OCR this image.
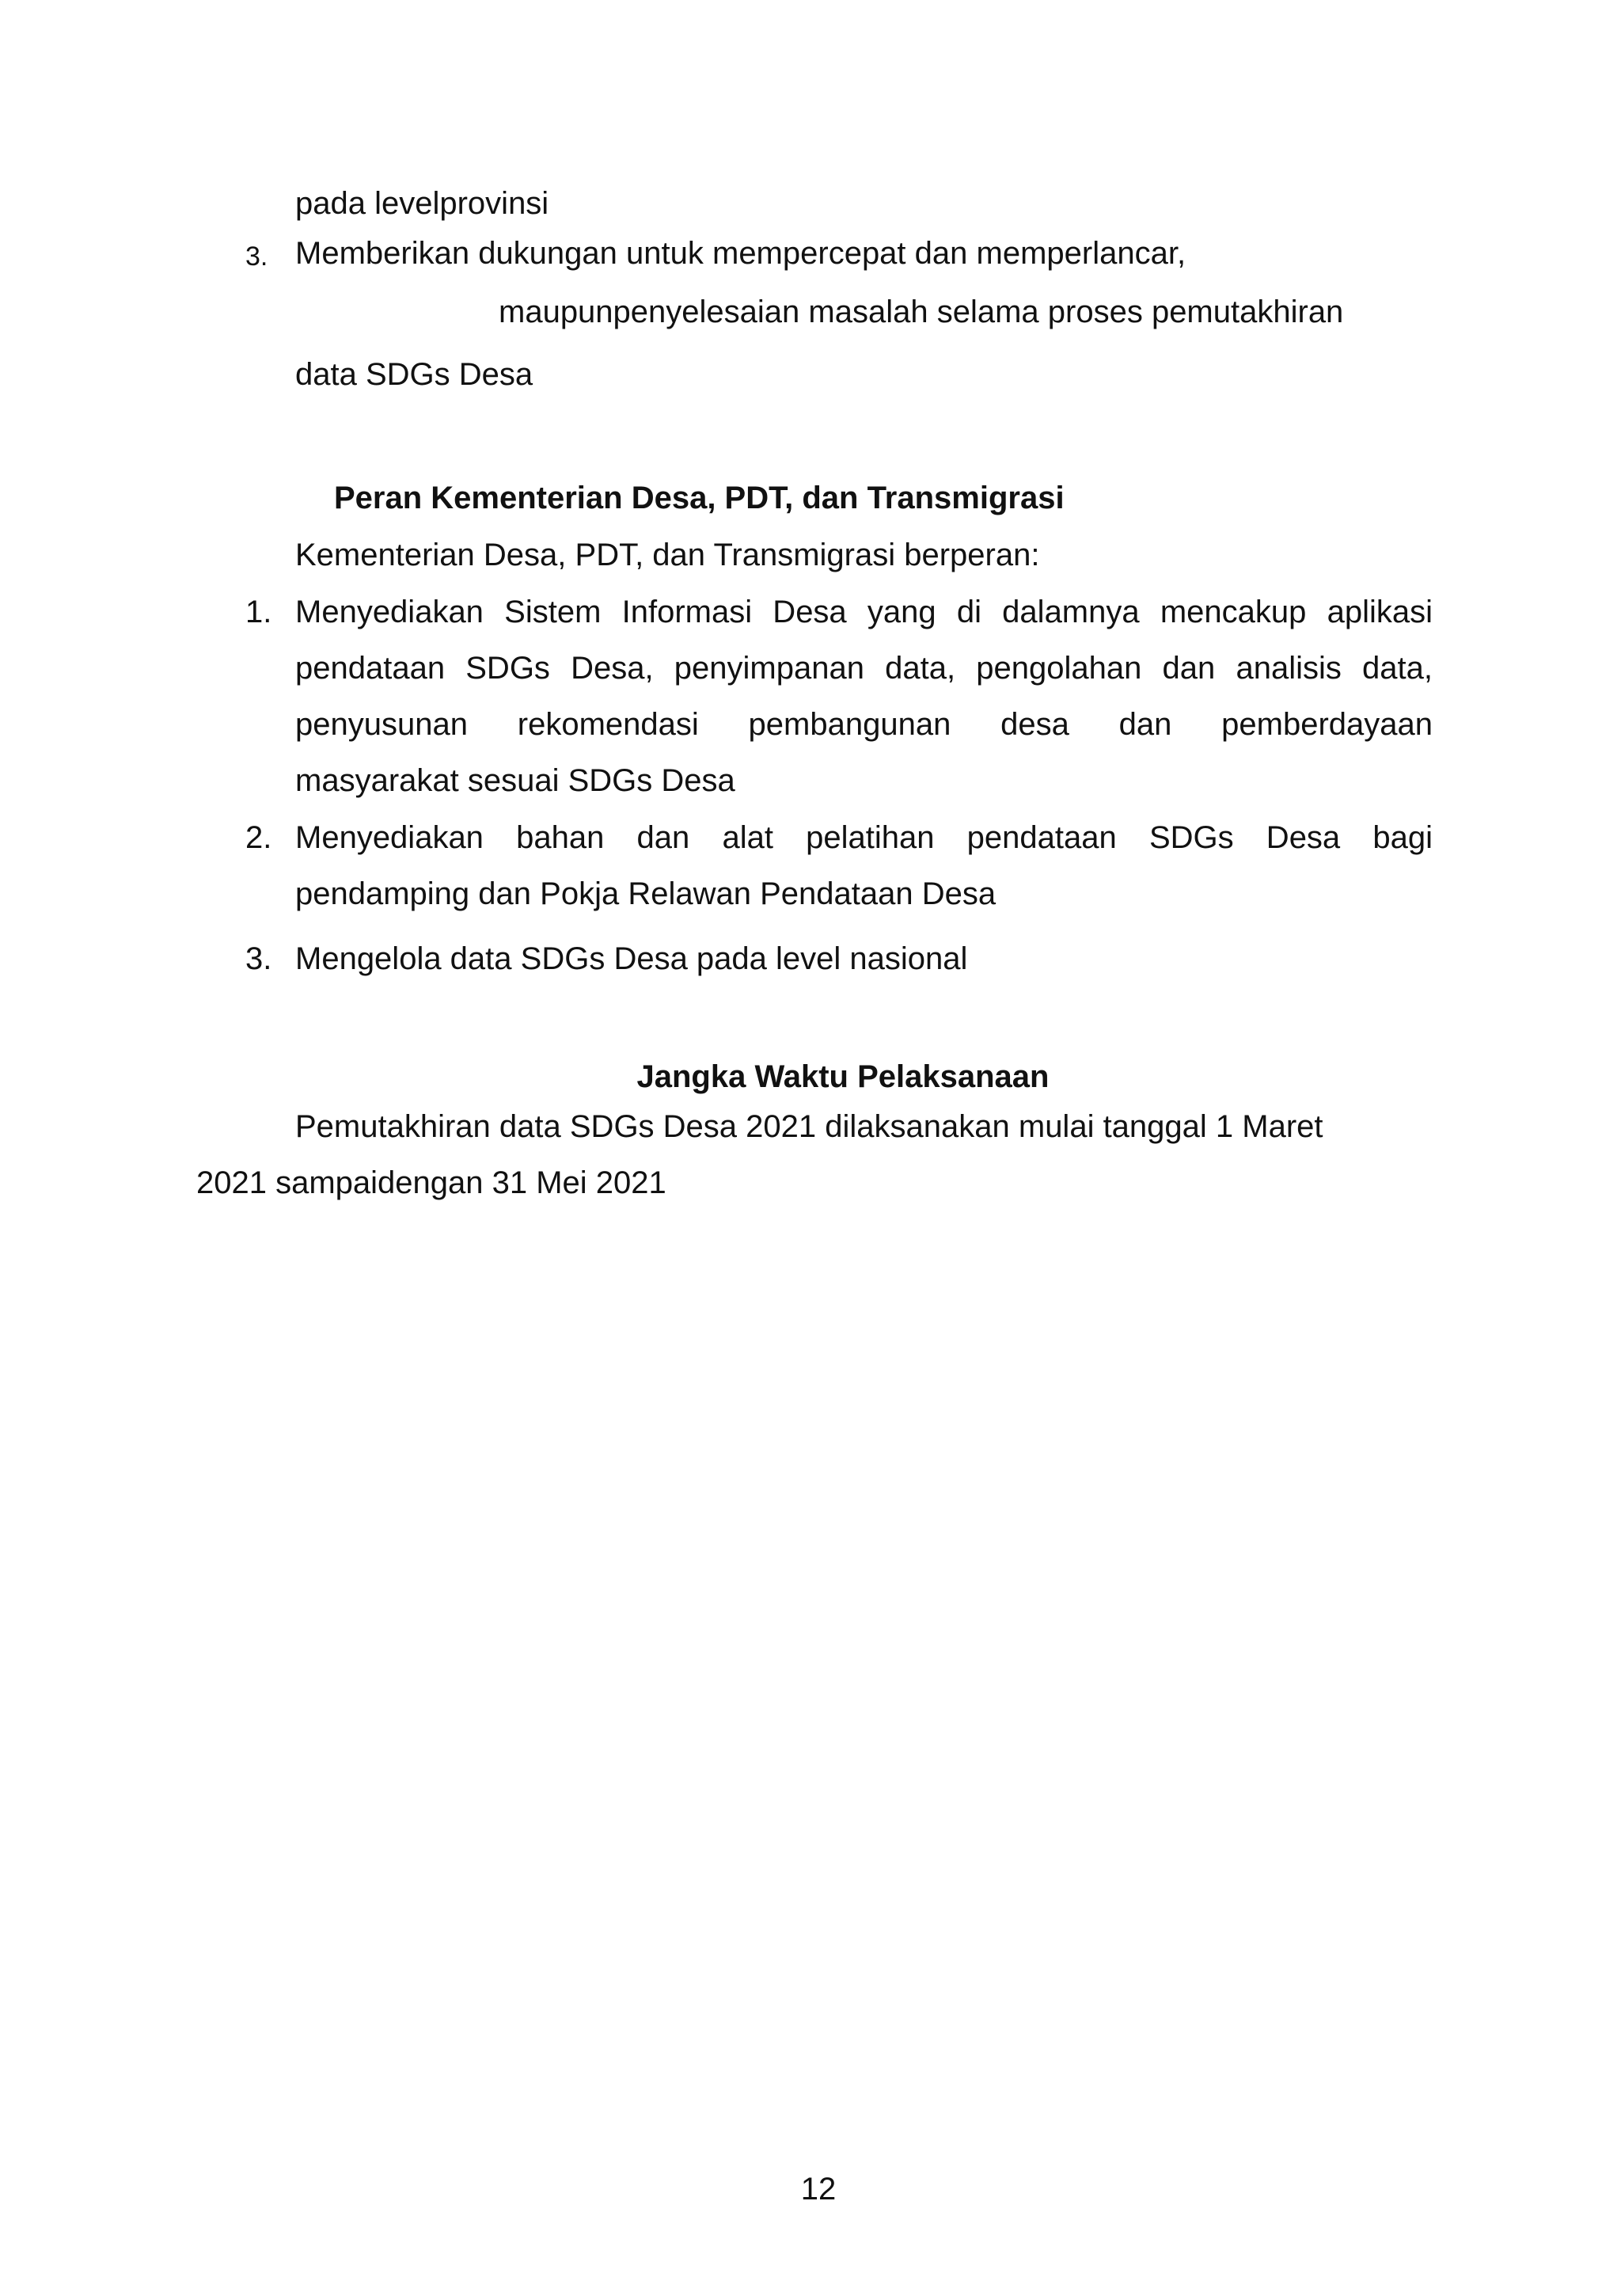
pada levelprovinsi
3. Memberikan dukungan untuk mempercepat dan memperlancar,
maupunpenyelesaian masalah selama proses pemutakhiran
data SDGs Desa
Peran Kementerian Desa, PDT, dan Transmigrasi
Kementerian Desa, PDT, dan Transmigrasi berperan:
1. Menyediakan Sistem Informasi Desa yang di dalamnya mencakup aplikasi
pendataan SDGs Desa, penyimpanan data, pengolahan dan analisis data,
penyusunan rekomendasi pembangunan desa dan pemberdayaan
masyarakat sesuai SDGs Desa
2. Menyediakan bahan dan alat pelatihan pendataan SDGs Desa bagi
pendamping dan Pokja Relawan Pendataan Desa
3. Mengelola data SDGs Desa pada level nasional
Jangka Waktu Pelaksanaan
Pemutakhiran data SDGs Desa 2021 dilaksanakan mulai tanggal 1 Maret
2021 sampaidengan 31 Mei 2021
12
